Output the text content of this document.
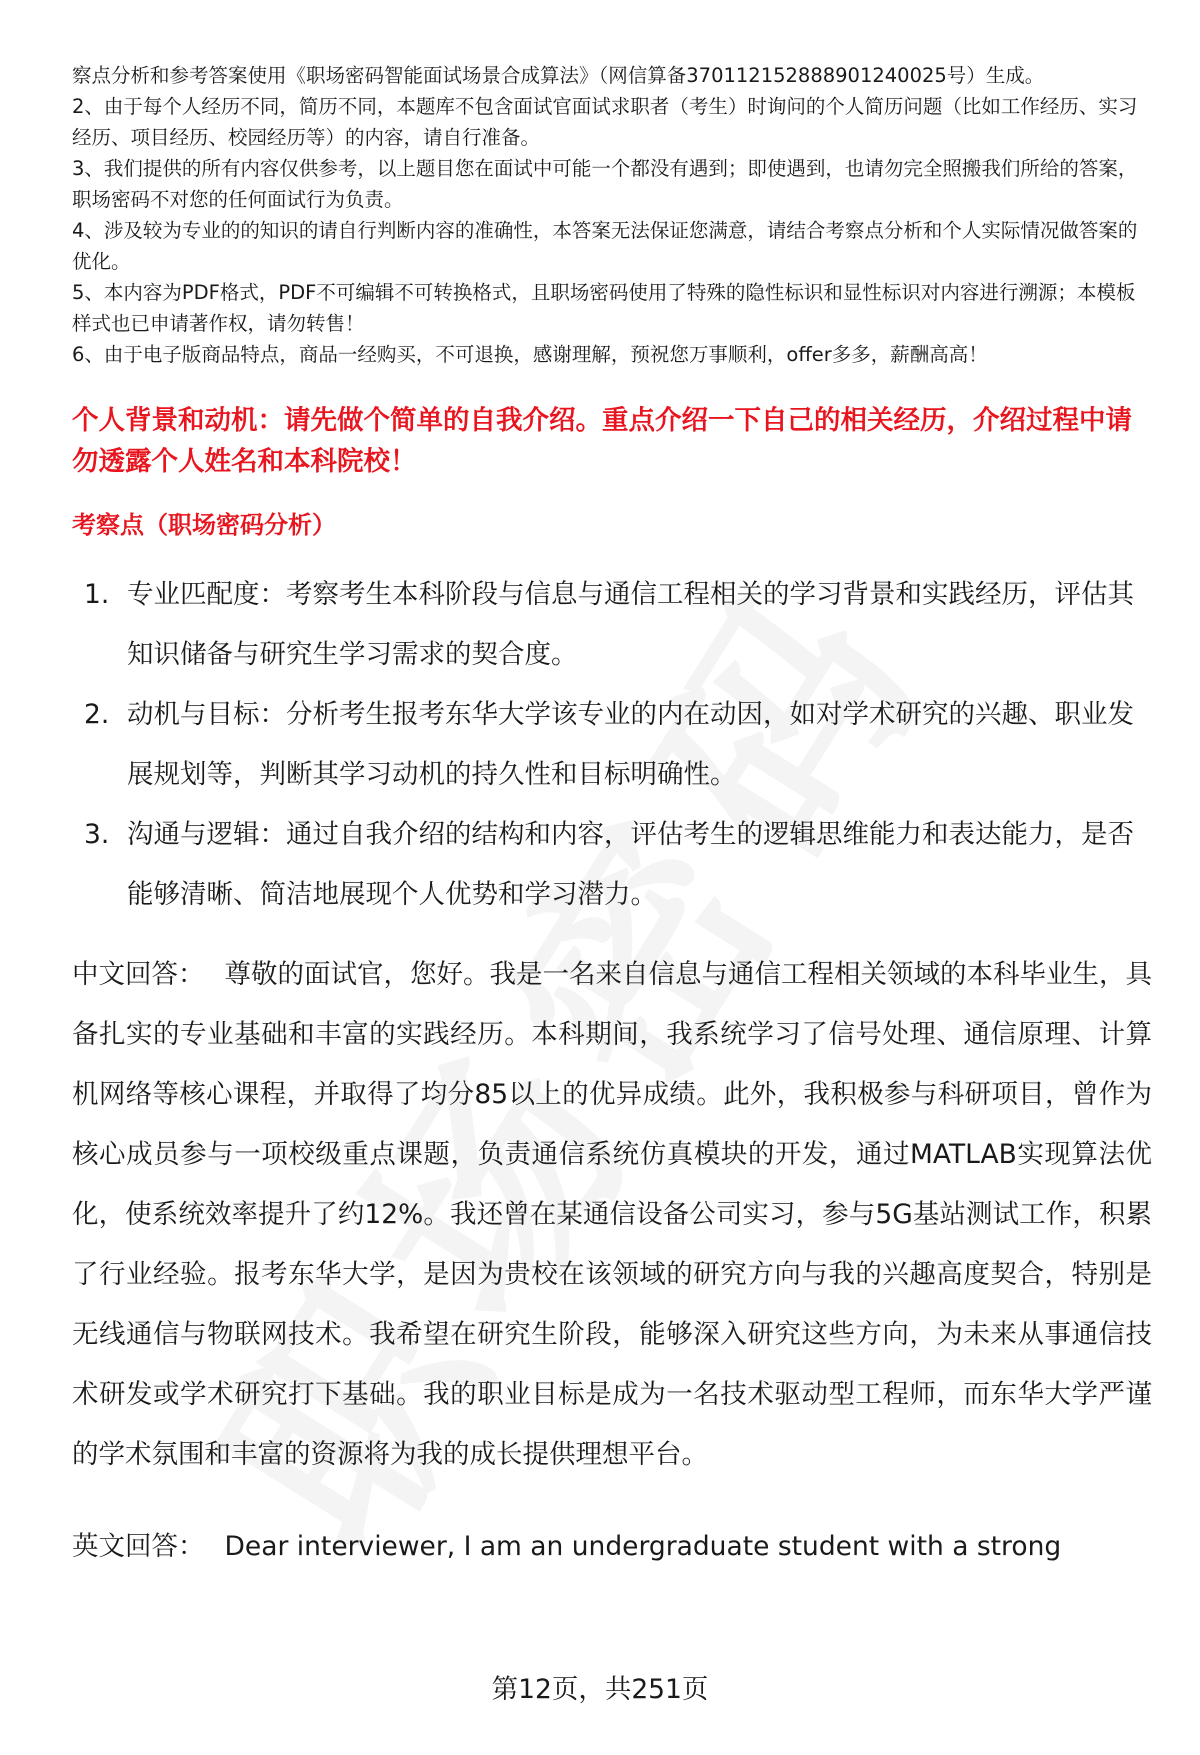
察点分析和参考答案使用《职场密码智能面试场景合成算法》（网信算备370112152888901240025号）生成。

2、由于每个人经历不同，简历不同，本题库不包含面试官面试求职者（考生）时询问的个人简历问题（比如工作经历、实习经历、项目经历、校园经历等）的内容，请自行准备。

3、我们提供的所有内容仅供参考，以上题目您在面试中可能一个都没有遇到；即使遇到，也请勿完全照搬我们所给的答案，职场密码不对您的任何面试行为负责。

4、涉及较为专业的的知识的请自行判断内容的准确性，本答案无法保证您满意，请结合考察点分析和个人实际情况做答案的优化。

5、本内容为PDF格式，PDF不可编辑不可转换格式，且职场密码使用了特殊的隐性标识和显性标识对内容进行溯源；本模板样式也已申请著作权，请勿转售！

6、由于电子版商品特点，商品一经购买，不可退换，感谢理解，预祝您万事顺利，offer多多，薪酬高高！

个人背景和动机：请先做个简单的自我介绍。重点介绍一下自己的相关经历，介绍过程中请勿透露个人姓名和本科院校！
考察点（职场密码分析）
1. 专业匹配度：考察考生本科阶段与信息与通信工程相关的学习背景和实践经历，评估其知识储备与研究生学习需求的契合度。
2. 动机与目标：分析考生报考东华大学该专业的内在动因，如对学术研究的兴趣、职业发展规划等，判断其学习动机的持久性和目标明确性。
3. 沟通与逻辑：通过自我介绍的结构和内容，评估考生的逻辑思维能力和表达能力，是否能够清晰、简洁地展现个人优势和学习潜力。

中文回答： 尊敬的面试官，您好。我是一名来自信息与通信工程相关领域的本科毕业生，具备扎实的专业基础和丰富的实践经历。本科期间，我系统学习了信号处理、通信原理、计算机网络等核心课程，并取得了均分85以上的优异成绩。此外，我积极参与科研项目，曾作为核心成员参与一项校级重点课题，负责通信系统仿真模块的开发，通过MATLAB实现算法优化，使系统效率提升了约12%。我还曾在某通信设备公司实习，参与5G基站测试工作，积累了行业经验。报考东华大学，是因为贵校在该领域的研究方向与我的兴趣高度契合，特别是无线通信与物联网技术。我希望在研究生阶段，能够深入研究这些方向，为未来从事通信技术研发或学术研究打下基础。我的职业目标是成为一名技术驱动型工程师，而东华大学严谨的学术氛围和丰富的资源将为我的成长提供理想平台。

英文回答： Dear interviewer, I am an undergraduate student with a strong

第12页，共251页
